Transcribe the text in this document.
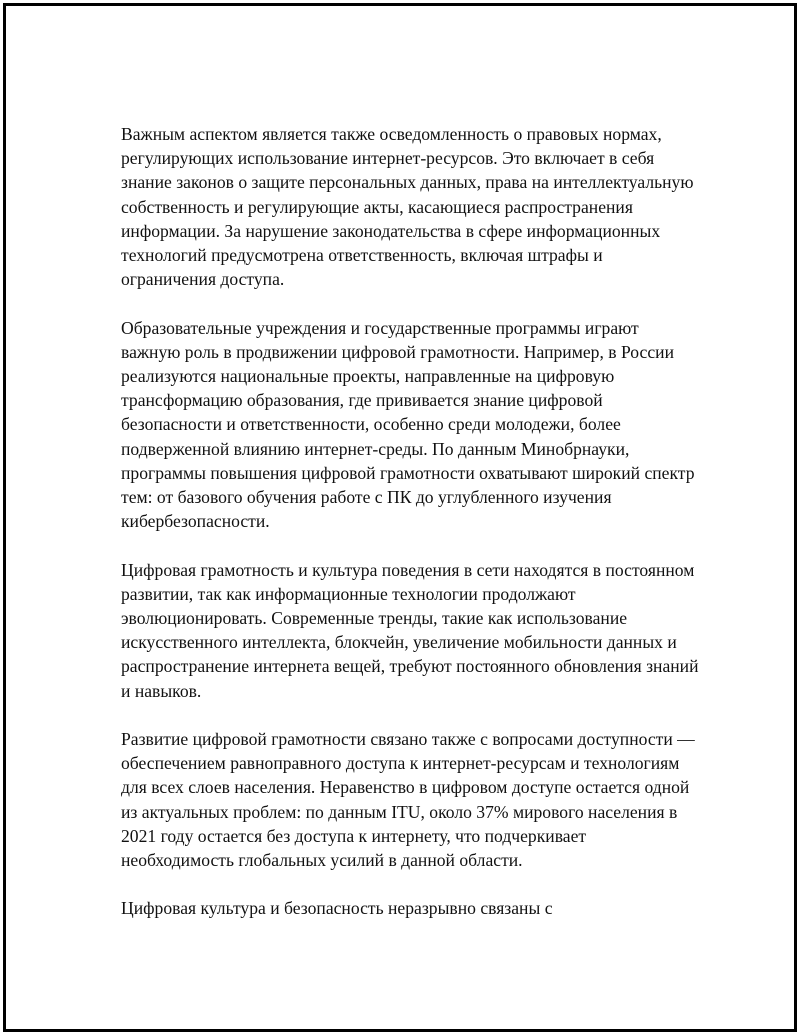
Важным аспектом является также осведомленность о правовых нормах, регулирующих использование интернет-ресурсов. Это включает в себя знание законов о защите персональных данных, права на интеллектуальную собственность и регулирующие акты, касающиеся распространения информации. За нарушение законодательства в сфере информационных технологий предусмотрена ответственность, включая штрафы и ограничения доступа.

Образовательные учреждения и государственные программы играют важную роль в продвижении цифровой грамотности. Например, в России реализуются национальные проекты, направленные на цифровую трансформацию образования, где прививается знание цифровой безопасности и ответственности, особенно среди молодежи, более подверженной влиянию интернет-среды. По данным Минобрнауки, программы повышения цифровой грамотности охватывают широкий спектр тем: от базового обучения работе с ПК до углубленного изучения кибербезопасности.

Цифровая грамотность и культура поведения в сети находятся в постоянном развитии, так как информационные технологии продолжают эволюционировать. Современные тренды, такие как использование искусственного интеллекта, блокчейн, увеличение мобильности данных и распространение интернета вещей, требуют постоянного обновления знаний и навыков.

Развитие цифровой грамотности связано также с вопросами доступности — обеспечением равноправного доступа к интернет-ресурсам и технологиям для всех слоев населения. Неравенство в цифровом доступе остается одной из актуальных проблем: по данным ITU, около 37% мирового населения в 2021 году остается без доступа к интернету, что подчеркивает необходимость глобальных усилий в данной области.

Цифровая культура и безопасность неразрывно связаны с
